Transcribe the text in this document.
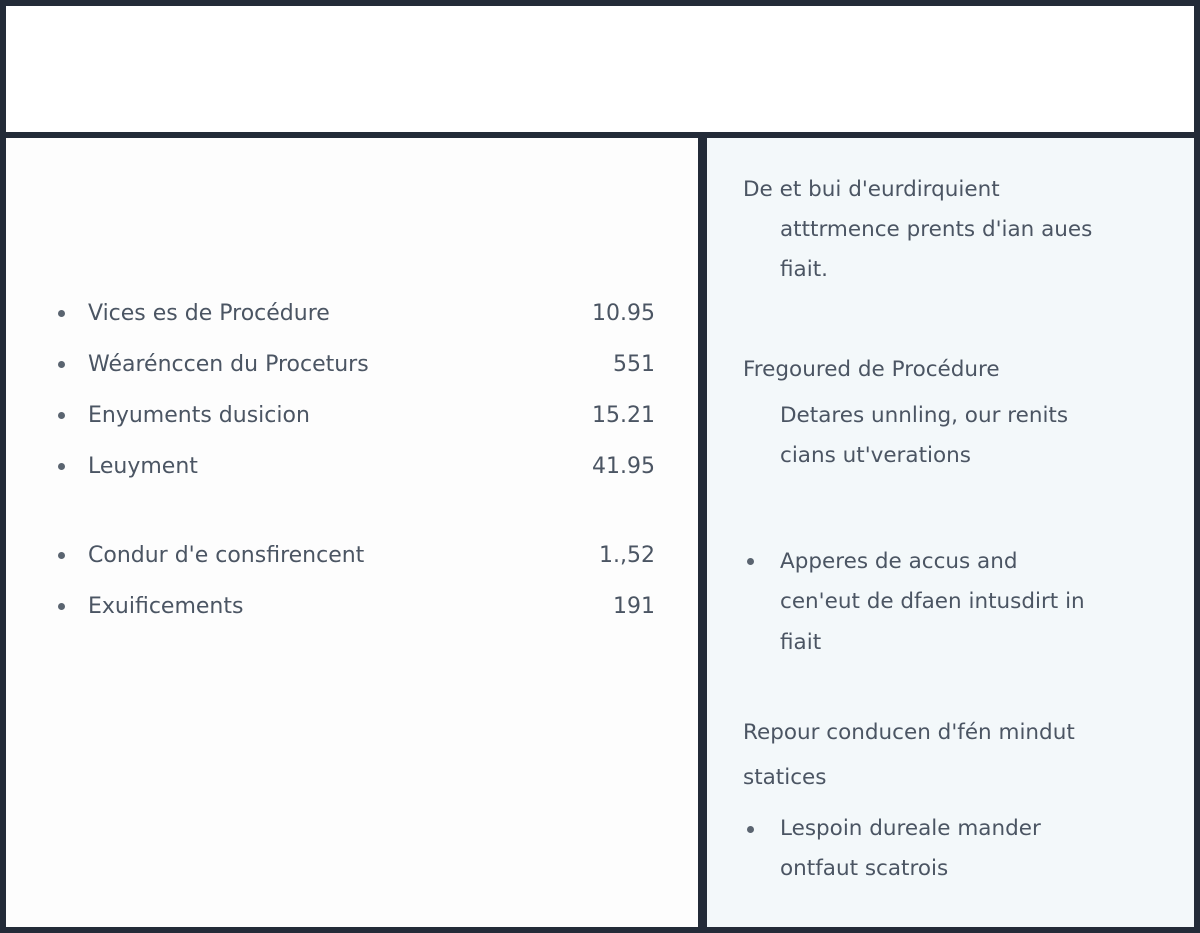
Vices es de Procédure	10.95
Wéarénccen du Proceturs	551
Enyuments dusicion	15.21
Leuyment	41.95
Condur d'e consfirencent	1.,52
Exuificements	191

De et bui d'eurdirquient

atttrmence prents d'ian aues

fiait.

Fregoured de Procédure

Detares unnling, our renits

cians ut'verations

Apperes de accus and

cen'eut de dfaen intusdirt in

fiait

Repour conducen d'fén mindut

statices

Lespoin dureale mander

ontfaut scatrois
